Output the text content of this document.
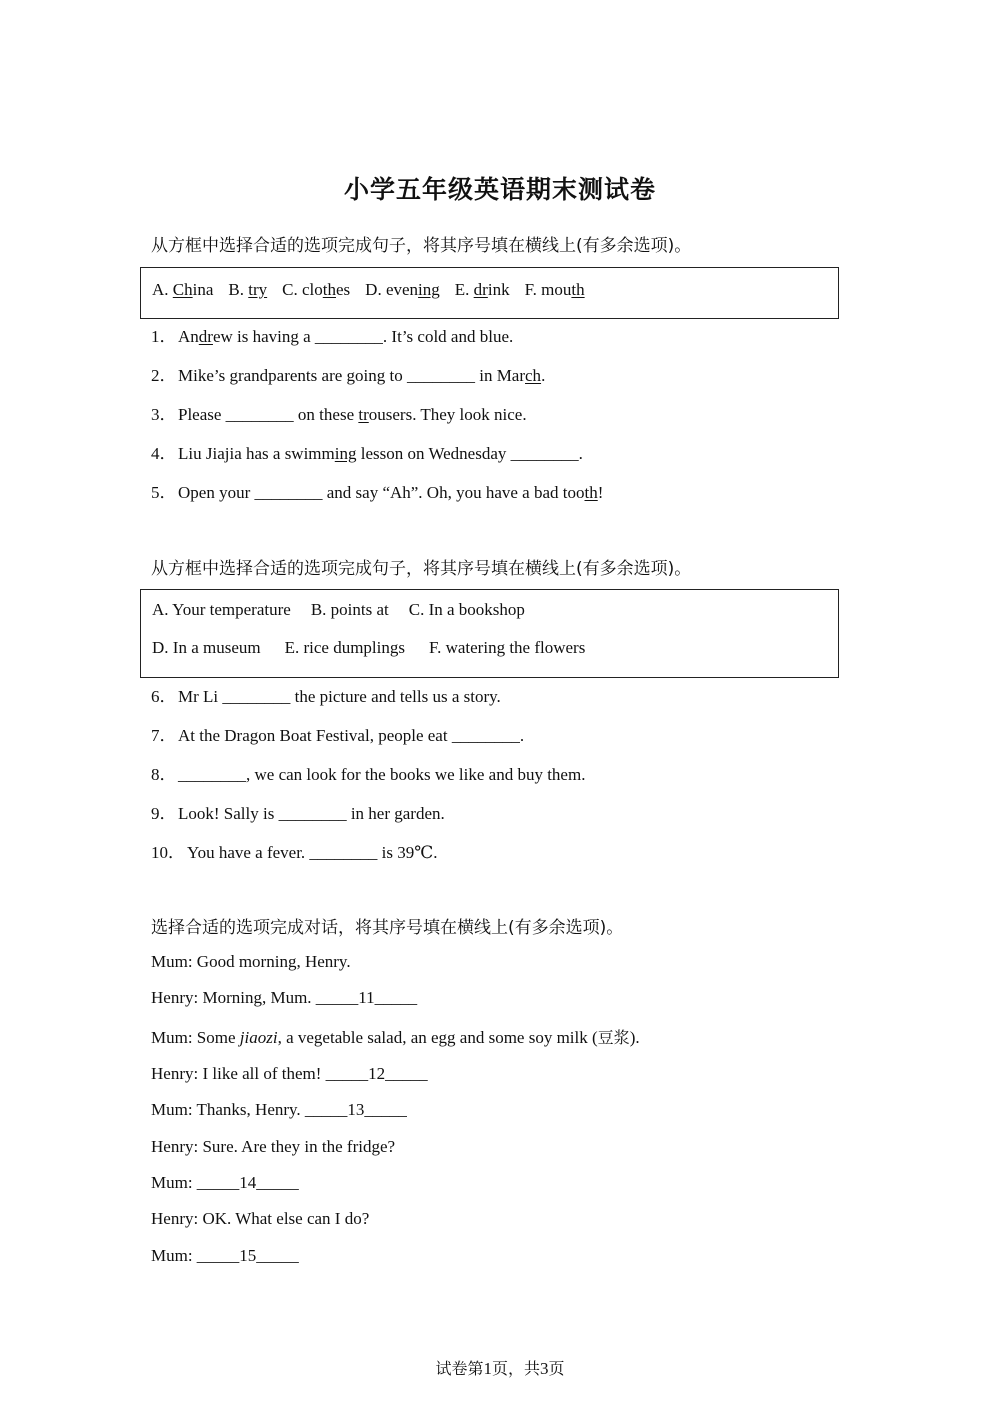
小学五年级英语期末测试卷
从方框中选择合适的选项完成句子，将其序号填在横线上(有多余选项)。
A. China B. try C. clothes D. evening E. drink F. mouth
1．Andrew is having a ________. It’s cold and blue.
2．Mike’s grandparents are going to ________ in March.
3．Please ________ on these trousers. They look nice.
4．Liu Jiajia has a swimming lesson on Wednesday ________.
5．Open your ________ and say “Ah”. Oh, you have a bad tooth!
从方框中选择合适的选项完成句子，将其序号填在横线上(有多余选项)。
A. Your temperature B. points at C. In a bookshop
D. In a museum E. rice dumplings F. watering the flowers
6．Mr Li ________ the picture and tells us a story.
7．At the Dragon Boat Festival, people eat ________.
8．________, we can look for the books we like and buy them.
9．Look! Sally is ________ in her garden.
10． You have a fever. ________ is 39℃.
选择合适的选项完成对话，将其序号填在横线上(有多余选项)。
Mum: Good morning, Henry.
Henry: Morning, Mum. _____11_____
Mum: Some jiaozi, a vegetable salad, an egg and some soy milk (豆浆).
Henry: I like all of them! _____12_____
Mum: Thanks, Henry. _____13_____
Henry: Sure. Are they in the fridge?
Mum: _____14_____
Henry: OK. What else can I do?
Mum: _____15_____
试卷第1页，共3页
